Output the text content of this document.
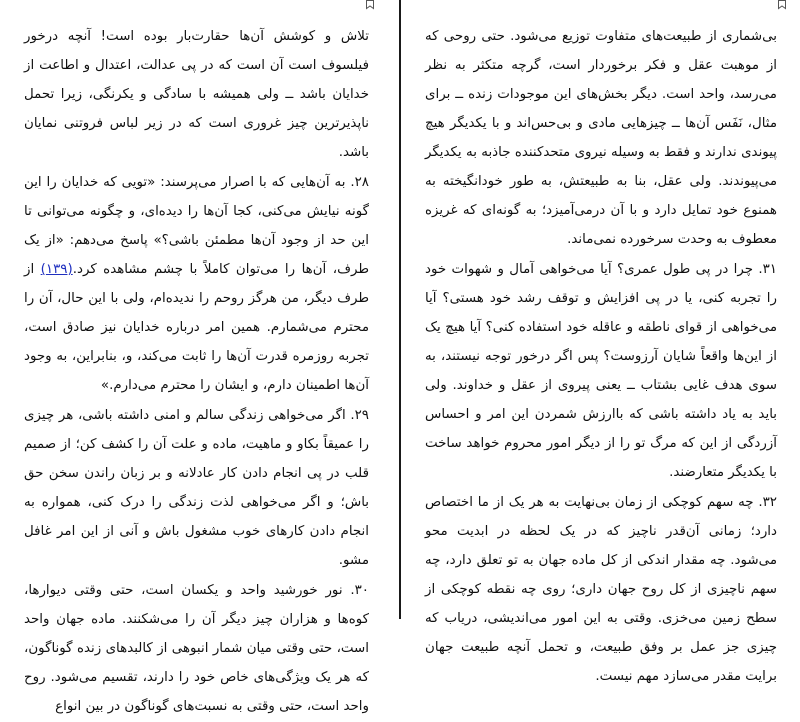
تلاش و کوشش آن‌ها حقارت‌بار بوده است! آنچه درخور فیلسوف است آن است که در پی عدالت، اعتدال و اطاعت از خدایان باشد ــ ولی همیشه با سادگی و یکرنگی، زیرا تحمل ناپذیرترین چیز غروری است که در زیر لباس فروتنی نمایان باشد.

۲۸. به آن‌هایی که با اصرار می‌پرسند: «تویی که خدایان را این گونه نیایش می‌کنی، کجا آن‌ها را دیده‌ای، و چگونه می‌توانی تا این حد از وجود آن‌ها مطمئن باشی؟» پاسخ می‌دهم: «از یک طرف، آن‌ها را می‌توان کاملاً با چشم مشاهده کرد.(۱۳۹) از طرف دیگر، من هرگز روحم را ندیده‌ام، ولی با این حال، آن را محترم می‌شمارم. همین امر درباره خدایان نیز صادق است، تجربه روزمره قدرت آن‌ها را ثابت می‌کند، و، بنابراین، به وجود آن‌ها اطمینان دارم، و ایشان را محترم می‌دارم.»

۲۹. اگر می‌خواهی زندگی سالم و امنی داشته باشی، هر چیزی را عمیقاً بکاو و ماهیت، ماده و علت آن را کشف کن؛ از صمیم قلب در پی انجام دادن کار عادلانه و بر زبان راندن سخن حق باش؛ و اگر می‌خواهی لذت زندگی را درک کنی، همواره به انجام دادن کارهای خوب مشغول باش و آنی از این امر غافل مشو.

۳۰. نور خورشید واحد و یکسان است، حتی وقتی دیوارها، کوه‌ها و هزاران چیز دیگر آن را می‌شکنند. ماده جهان واحد است، حتی وقتی میان شمار انبوهی از کالبدهای زنده گوناگون، که هر یک ویژگی‌های خاص خود را دارند، تقسیم می‌شود. روح واحد است، حتی وقتی به نسبت‌های گوناگون در بین انواع

بی‌شماری از طبیعت‌های متفاوت توزیع می‌شود. حتی روحی که از موهبت عقل و فکر برخوردار است، گرچه متکثر به نظر می‌رسد، واحد است. دیگر بخش‌های این موجودات زنده ــ برای مثال، نَفَس آن‌ها ــ چیزهایی مادی و بی‌حس‌اند و با یکدیگر هیچ پیوندی ندارند و فقط به وسیله نیروی متحدکننده جاذبه به یکدیگر می‌پیوندند. ولی عقل، بنا به طبیعتش، به طور خودانگیخته به همنوع خود تمایل دارد و با آن درمی‌آمیزد؛ به گونه‌ای که غریزه معطوف به وحدت سرخورده نمی‌ماند.

۳۱. چرا در پی طول عمری؟ آیا می‌خواهی آمال و شهوات خود را تجربه کنی، یا در پی افزایش و توقف رشد خود هستی؟ آیا می‌خواهی از قوای ناطقه و عاقله خود استفاده کنی؟ آیا هیچ یک از این‌ها واقعاً شایان آرزوست؟ پس اگر درخور توجه نیستند، به سوی هدف غایی بشتاب ــ یعنی پیروی از عقل و خداوند. ولی باید به یاد داشته باشی که باارزش شمردن این امر و احساس آزردگی از این که مرگ تو را از دیگر امور محروم خواهد ساخت با یکدیگر متعارضند.

۳۲. چه سهم کوچکی از زمان بی‌نهایت به هر یک از ما اختصاص دارد؛ زمانی آن‌قدر ناچیز که در یک لحظه در ابدیت محو می‌شود. چه مقدار اندکی از کل ماده جهان به تو تعلق دارد، چه سهم ناچیزی از کل روح جهان داری؛ روی چه نقطه کوچکی از سطح زمین می‌خزی. وقتی به این امور می‌اندیشی، دریاب که چیزی جز عمل بر وفق طبیعت، و تحمل آنچه طبیعت جهان برایت مقدر می‌سازد مهم نیست.
